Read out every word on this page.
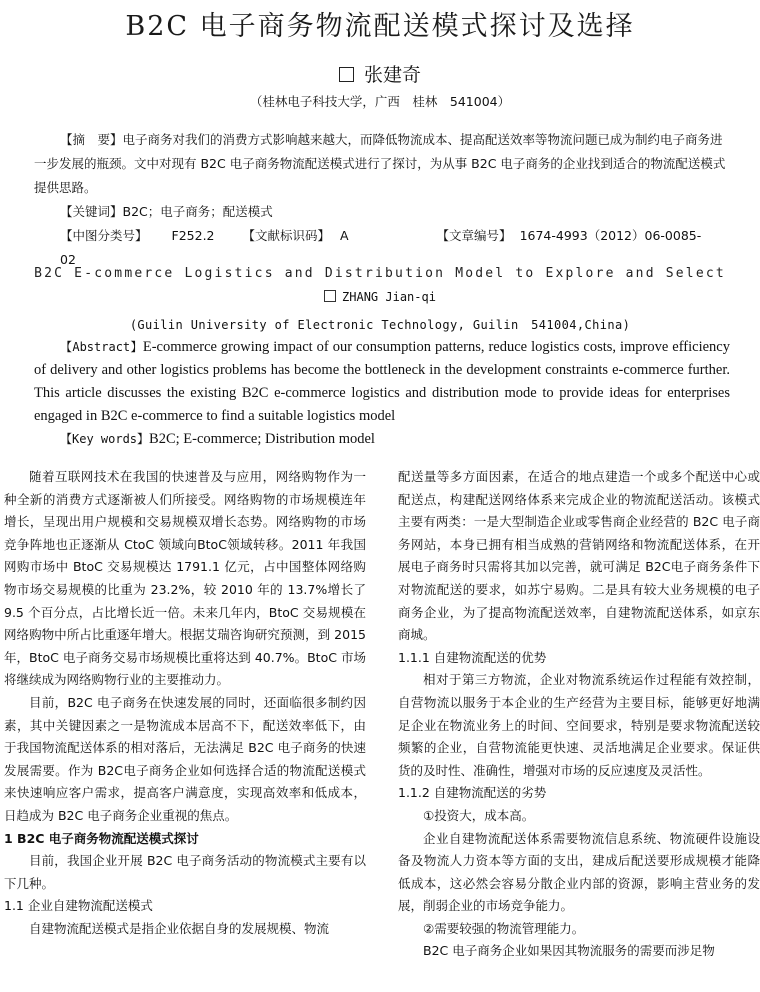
B2C 电子商务物流配送模式探讨及选择
张建奇
（桂林电子科技大学，广西　桂林　541004）
【摘　要】电子商务对我们的消费方式影响越来越大，而降低物流成本、提高配送效率等物流问题已成为制约电子商务进一步发展的瓶颈。文中对现有 B2C 电子商务物流配送模式进行了探讨，为从事 B2C 电子商务的企业找到适合的物流配送模式提供思路。
【关键词】B2C；电子商务；配送模式
【中图分类号】 F252.2 【文献标识码】 A	【文章编号】 1674-4993（2012）06-0085-02
B2C E-commerce Logistics and Distribution Model to Explore and Select
ZHANG Jian-qi
(Guilin University of Electronic Technology, Guilin　541004,China)
【Abstract】E-commerce growing impact of our consumption patterns, reduce logistics costs, improve efficiency of delivery and other logistics problems has become the bottleneck in the development constraints e-commerce further. This article discusses the existing B2C e-commerce logistics and distribution mode to provide ideas for enterprises engaged in B2C e-commerce to find a suitable logistics model
【Key words】B2C; E-commerce; Distribution model

随着互联网技术在我国的快速普及与应用，网络购物作为一种全新的消费方式逐渐被人们所接受。网络购物的市场规模连年增长，呈现出用户规模和交易规模双增长态势。网络购物的市场竞争阵地也正逐渐从 CtoC 领域向BtoC领域转移。2011 年我国网购市场中 BtoC 交易规模达 1791.1 亿元，占中国整体网络购物市场交易规模的比重为 23.2%，较 2010 年的 13.7%增长了 9.5 个百分点，占比增长近一倍。未来几年内，BtoC 交易规模在网络购物中所占比重逐年增大。根据艾瑞咨询研究预测，到 2015 年，BtoC 电子商务交易市场规模比重将达到 40.7%。BtoC 市场将继续成为网络购物行业的主要推动力。

目前，B2C 电子商务在快速发展的同时，还面临很多制约因素，其中关键因素之一是物流成本居高不下，配送效率低下，由于我国物流配送体系的相对落后，无法满足 B2C 电子商务的快速发展需要。作为 B2C电子商务企业如何选择合适的物流配送模式来快速响应客户需求，提高客户满意度，实现高效率和低成本，日趋成为 B2C 电子商务企业重视的焦点。

1 B2C 电子商务物流配送模式探讨

目前，我国企业开展 B2C 电子商务活动的物流模式主要有以下几种。

1.1 企业自建物流配送模式

自建物流配送模式是指企业依据自身的发展规模、物流

配送量等多方面因素，在适合的地点建造一个或多个配送中心或配送点，构建配送网络体系来完成企业的物流配送活动。该模式主要有两类：一是大型制造企业或零售商企业经营的 B2C 电子商务网站，本身已拥有相当成熟的营销网络和物流配送体系，在开展电子商务时只需将其加以完善，就可满足 B2C电子商务条件下对物流配送的要求，如苏宁易购。二是具有较大业务规模的电子商务企业，为了提高物流配送效率，自建物流配送体系，如京东商城。

1.1.1 自建物流配送的优势

相对于第三方物流，企业对物流系统运作过程能有效控制，自营物流以服务于本企业的生产经营为主要目标，能够更好地满足企业在物流业务上的时间、空间要求，特别是要求物流配送较频繁的企业，自营物流能更快速、灵活地满足企业要求。保证供货的及时性、准确性，增强对市场的反应速度及灵活性。

1.1.2 自建物流配送的劣势

①投资大，成本高。

企业自建物流配送体系需要物流信息系统、物流硬件设施设备及物流人力资本等方面的支出，建成后配送要形成规模才能降低成本，这必然会容易分散企业内部的资源，影响主营业务的发展，削弱企业的市场竞争能力。

②需要较强的物流管理能力。

B2C 电子商务企业如果因其物流服务的需要而涉足物
